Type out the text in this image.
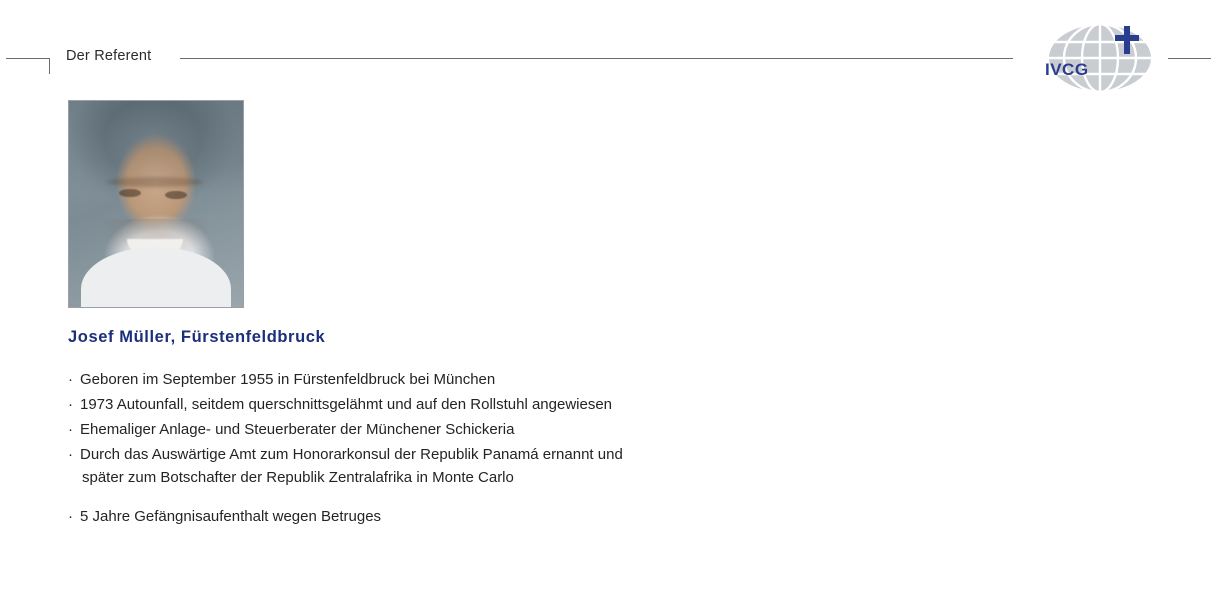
Der Referent
IVCG
Josef Müller, Fürstenfeldbruck
· Geboren im September 1955 in Fürstenfeldbruck bei München
· 1973 Autounfall, seitdem querschnittsgelähmt und auf den Rollstuhl angewiesen
· Ehemaliger Anlage- und Steuerberater der Münchener Schickeria
· Durch das Auswärtige Amt zum Honorarkonsul der Republik Panamá ernannt und
später zum Botschafter der Republik Zentralafrika in Monte Carlo
· 5 Jahre Gefängnisaufenthalt wegen Betruges
